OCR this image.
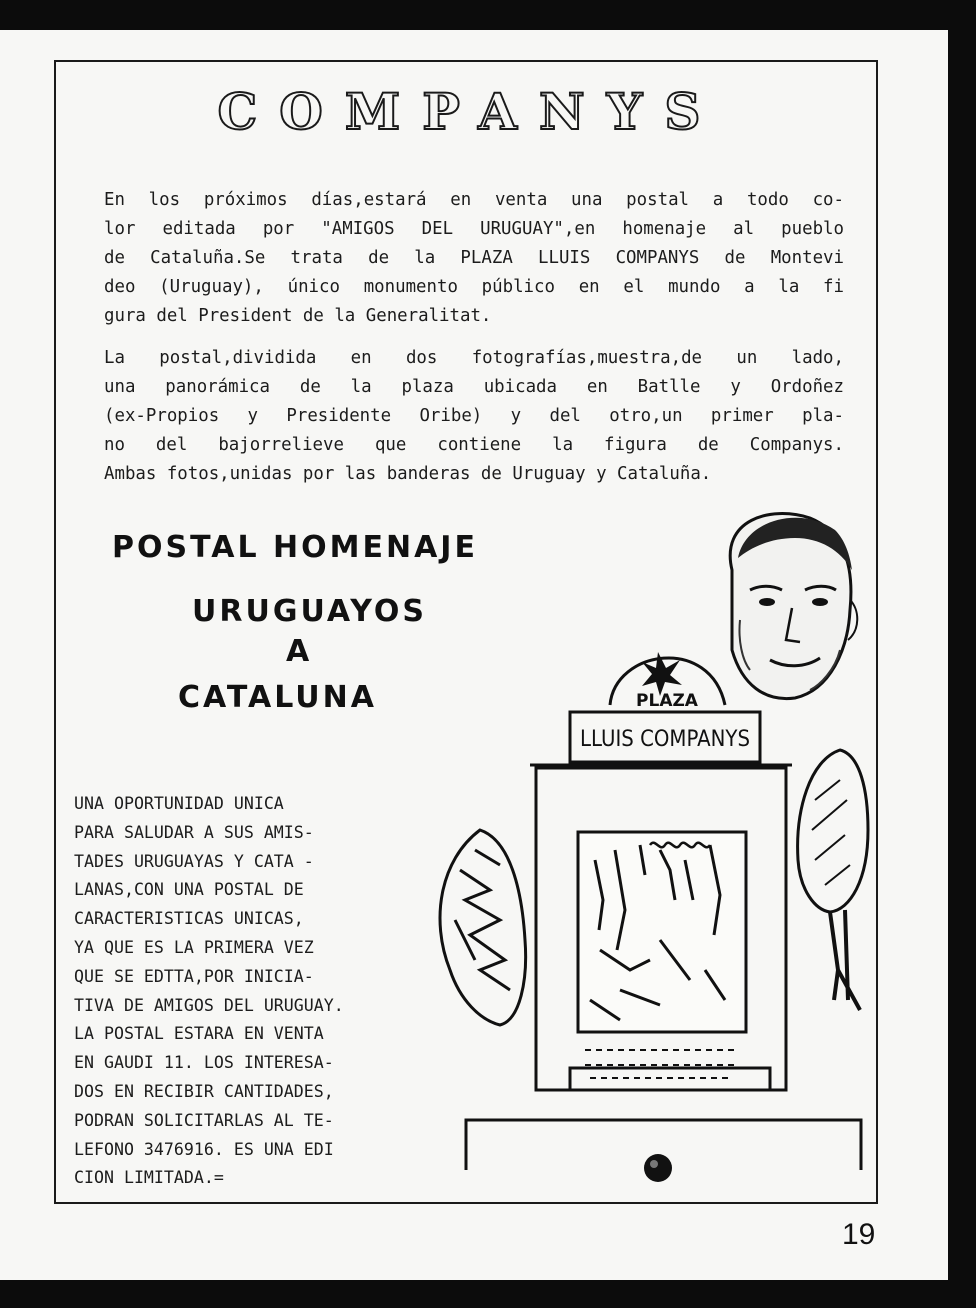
COMPANYS
En los próximos días,estará en venta una postal a todo co-
lor editada por "AMIGOS DEL URUGUAY",en homenaje al pueblo
de Cataluña.Se trata de la PLAZA LLUIS COMPANYS de Montevi
deo (Uruguay), único monumento público en el mundo a la fi
gura del President de la Generalitat.
La postal,dividida en dos fotografías,muestra,de un lado,
una panorámica de la plaza ubicada en Batlle y Ordoñez
(ex-Propios y Presidente Oribe) y del otro,un primer pla-
no del bajorrelieve que contiene la figura de Companys.
Ambas fotos,unidas por las banderas de Uruguay y Cataluña.

POSTAL HOMENAJE

URUGUAYOS

A

CATALUNA

UNA OPORTUNIDAD UNICA
PARA SALUDAR A SUS AMIS-
TADES URUGUAYAS Y CATA -
LANAS,CON UNA POSTAL DE
CARACTERISTICAS UNICAS,
YA QUE ES LA PRIMERA VEZ
QUE SE EDTTA,POR INICIA-
TIVA DE AMIGOS DEL URUGUAY.
LA POSTAL ESTARA EN VENTA
EN GAUDI 11. LOS INTERESA-
DOS EN RECIBIR CANTIDADES,
PODRAN SOLICITARLAS AL TE-
LEFONO 3476916. ES UNA EDI
CION LIMITADA.=
PLAZA
LLUIS COMPANYS

19
